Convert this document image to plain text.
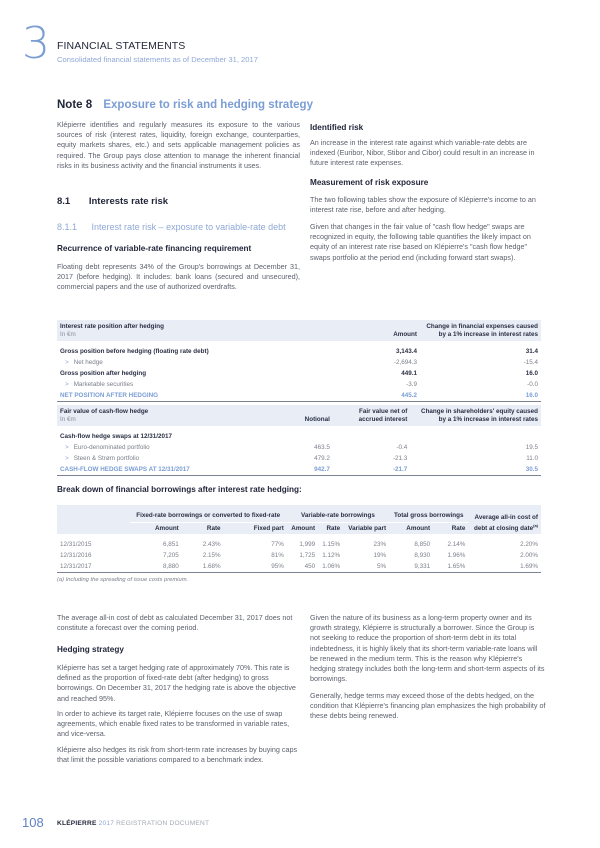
3 FINANCIAL STATEMENTS
Consolidated financial statements as of December 31, 2017
Note 8 Exposure to risk and hedging strategy
Klépierre identifies and regularly measures its exposure to the various sources of risk (interest rates, liquidity, foreign exchange, counterparties, equity markets shares, etc.) and sets applicable management policies as required. The Group pays close attention to manage the inherent financial risks in its business activity and the financial instruments it uses.
8.1 Interests rate risk
8.1.1 Interest rate risk – exposure to variable-rate debt
Recurrence of variable-rate financing requirement
Floating debt represents 34% of the Group's borrowings at December 31, 2017 (before hedging). It includes: bank loans (secured and unsecured), commercial papers and the use of authorized overdrafts.
Identified risk
An increase in the interest rate against which variable-rate debts are indexed (Euribor, Nibor, Stibor and Cibor) could result in an increase in future interest rate expenses.
Measurement of risk exposure
The two following tables show the exposure of Klépierre's income to an interest rate rise, before and after hedging.
Given that changes in the fair value of "cash flow hedge" swaps are recognized in equity, the following table quantifies the likely impact on equity of an interest rate rise based on Klépierre's "cash flow hedge" swaps portfolio at the period end (including forward start swaps).
Interest rate position after hedging
In €m	Amount	Change in financial expenses caused by a 1% increase in interest rates

Gross position before hedging (floating rate debt)	3,143.4	31.4
> Net hedge	-2,694.3	-15.4
Gross position after hedging	449.1	16.0
> Marketable securities	-3.9	-0.0
NET POSITION AFTER HEDGING	445.2	16.0
Fair value of cash-flow hedge
In €m	Notional	Fair value net of accrued interest	Change in shareholders' equity caused by a 1% increase in interest rates

Cash-flow hedge swaps at 12/31/2017			
> Euro-denominated portfolio	463.5	-0.4	19.5
> Steen & Strøm portfolio	479.2	-21.3	11.0
CASH-FLOW HEDGE SWAPS AT 12/31/2017	942.7	-21.7	30.5
Break down of financial borrowings after interest rate hedging:
	Fixed-rate borrowings or converted to fixed-rate			Variable-rate borrowings			Total gross borrowings		Average all-in cost of debt at closing date$^{(a)}$
	Amount	Rate	Fixed part	Amount	Rate	Variable part	Amount	Rate	

12/31/2015	6,851	2.43%	77%	1,999	1.15%	23%	8,850	2.14%	2.20%
12/31/2016	7,205	2.15%	81%	1,725	1.12%	19%	8,930	1.96%	2.00%
12/31/2017	8,880	1.68%	95%	450	1.06%	5%	9,331	1.65%	1.69%
(a) Including the spreading of issue costs premium.
The average all-in cost of debt as calculated December 31, 2017 does not constitute a forecast over the coming period.
Hedging strategy
Klépierre has set a target hedging rate of approximately 70%. This rate is defined as the proportion of fixed-rate debt (after hedging) to gross borrowings. On December 31, 2017 the hedging rate is above the objective and reached 95%.
In order to achieve its target rate, Klépierre focuses on the use of swap agreements, which enable fixed rates to be transformed in variable rates, and vice-versa.
Klépierre also hedges its risk from short-term rate increases by buying caps that limit the possible variations compared to a benchmark index.
Given the nature of its business as a long-term property owner and its growth strategy, Klépierre is structurally a borrower. Since the Group is not seeking to reduce the proportion of short-term debt in its total indebtedness, it is highly likely that its short-term variable-rate loans will be renewed in the medium term. This is the reason why Klépierre's hedging strategy includes both the long-term and short-term aspects of its borrowings.
Generally, hedge terms may exceed those of the debts hedged, on the condition that Klépierre's financing plan emphasizes the high probability of these debts being renewed.
108 KLÉPIERRE 2017 REGISTRATION DOCUMENT
